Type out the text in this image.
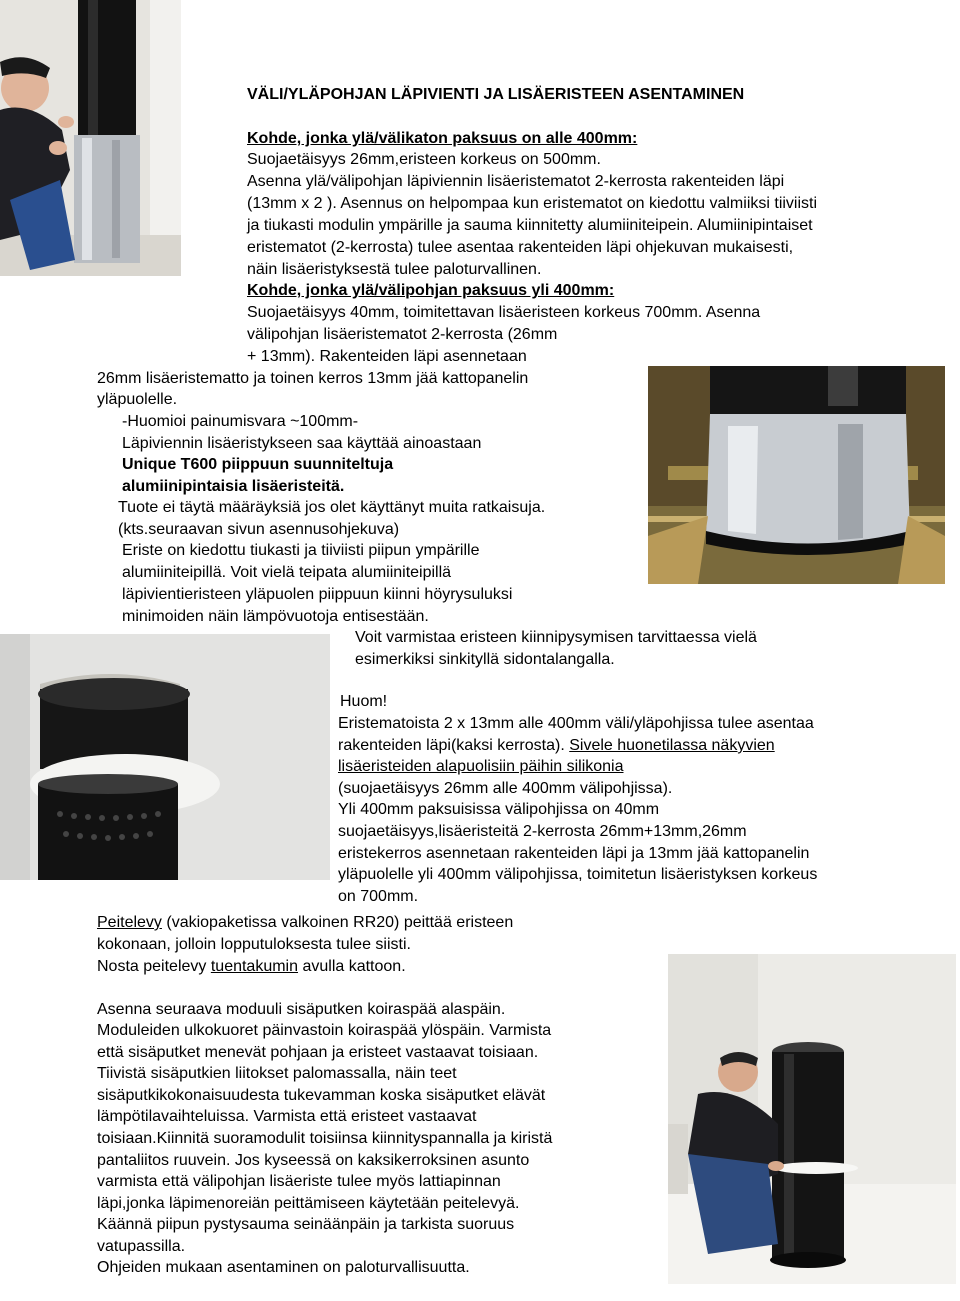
VÄLI/YLÄPOHJAN LÄPIVIENTI JA LISÄERISTEEN ASENTAMINEN
Kohde, jonka ylä/välikaton paksuus on alle 400mm:
Suojaetäisyys 26mm,eristeen korkeus on 500mm.
Asenna ylä/välipohjan läpiviennin lisäeristematot 2-kerrosta rakenteiden läpi
(13mm x 2 ). Asennus on helpompaa kun eristematot on kiedottu valmiiksi tiiviisti
ja tiukasti modulin ympärille ja sauma kiinnitetty alumiiniteipein. Alumiinipintaiset
eristematot (2-kerrosta) tulee asentaa rakenteiden läpi ohjekuvan mukaisesti,
näin lisäeristyksestä tulee paloturvallinen.
Kohde, jonka ylä/välipohjan paksuus yli 400mm:
Suojaetäisyys 40mm, toimitettavan lisäeristeen korkeus 700mm. Asenna
välipohjan lisäeristematot 2-kerrosta (26mm
+ 13mm). Rakenteiden läpi asennetaan
26mm lisäeristematto ja toinen kerros 13mm jää kattopanelin
yläpuolelle.
-Huomioi painumisvara ~100mm-
Läpiviennin lisäeristykseen saa käyttää ainoastaan
Unique T600 piippuun suunniteltuja
alumiinipintaisia lisäeristeitä.
Tuote ei täytä määräyksiä jos olet käyttänyt muita ratkaisuja.
(kts.seuraavan sivun asennusohjekuva)
Eriste on kiedottu tiukasti ja tiiviisti piipun ympärille
alumiiniteipillä. Voit vielä teipata alumiiniteipillä
läpivientieristeen yläpuolen piippuun kiinni höyrysuluksi
minimoiden näin lämpövuotoja entisestään.
Voit varmistaa eristeen kiinnipysymisen tarvittaessa vielä
esimerkiksi sinkityllä sidontalangalla.
Huom!
Eristematoista 2 x 13mm alle 400mm väli/yläpohjissa tulee asentaa
rakenteiden läpi(kaksi kerrosta). Sivele huonetilassa näkyvien
lisäeristeiden alapuolisiin päihin silikonia
(suojaetäisyys 26mm alle 400mm välipohjissa).
Yli 400mm paksuisissa välipohjissa on 40mm
suojaetäisyys,lisäeristeitä 2-kerrosta 26mm+13mm,26mm
eristekerros asennetaan rakenteiden läpi ja 13mm jää kattopanelin
yläpuolelle yli 400mm välipohjissa, toimitetun lisäeristyksen korkeus
on 700mm.
Peitelevy (vakiopaketissa valkoinen RR20) peittää eristeen
kokonaan, jolloin lopputuloksesta tulee siisti.
Nosta peitelevy tuentakumin avulla kattoon.
Asenna seuraava moduuli sisäputken koiraspää alaspäin.
Moduleiden ulkokuoret päinvastoin koiraspää ylöspäin. Varmista
että sisäputket menevät pohjaan ja eristeet vastaavat toisiaan.
Tiivistä sisäputkien liitokset palomassalla, näin teet
sisäputkikokonaisuudesta tukevamman koska sisäputket elävät
lämpötilavaihteluissa. Varmista että eristeet vastaavat
toisiaan.Kiinnitä suoramodulit toisiinsa kiinnityspannalla ja kiristä
pantaliitos ruuvein. Jos kyseessä on kaksikerroksinen asunto
varmista että välipohjan lisäeriste tulee myös lattiapinnan
läpi,jonka läpimenoreiän peittämiseen käytetään peitelevyä.
Käännä piipun pystysauma seinäänpäin ja tarkista suoruus
vatupassilla.
Ohjeiden mukaan asentaminen on paloturvallisuutta.
